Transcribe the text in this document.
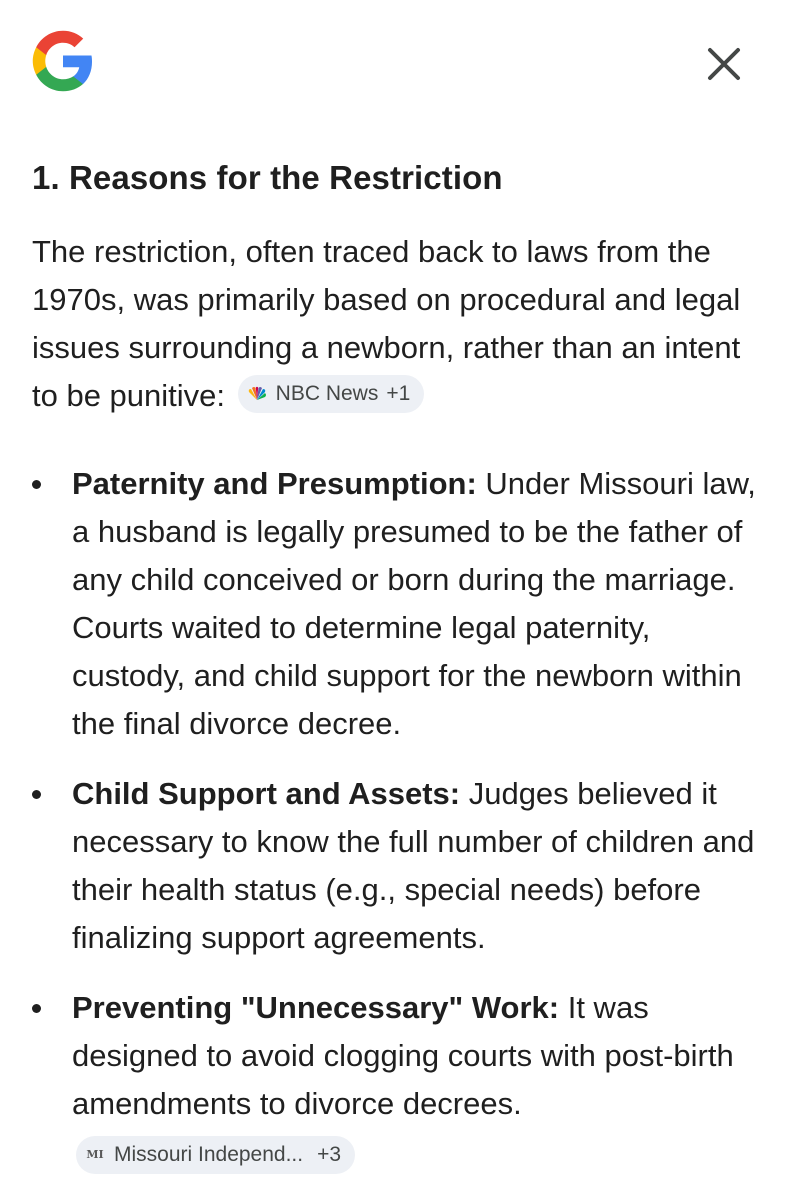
1. Reasons for the Restriction

The restriction, often traced back to laws from the 1970s, was primarily based on procedural and legal issues surrounding a newborn, rather than an intent to be punitive: NBC News +1

Paternity and Presumption: Under Missouri law, a husband is legally presumed to be the father of any child conceived or born during the marriage. Courts waited to determine legal paternity, custody, and child support for the newborn within the final divorce decree.
Child Support and Assets: Judges believed it necessary to know the full number of children and their health status (e.g., special needs) before finalizing support agreements.
Preventing "Unnecessary" Work: It was designed to avoid clogging courts with post-birth amendments to divorce decrees.
MI Missouri Independ... +3
